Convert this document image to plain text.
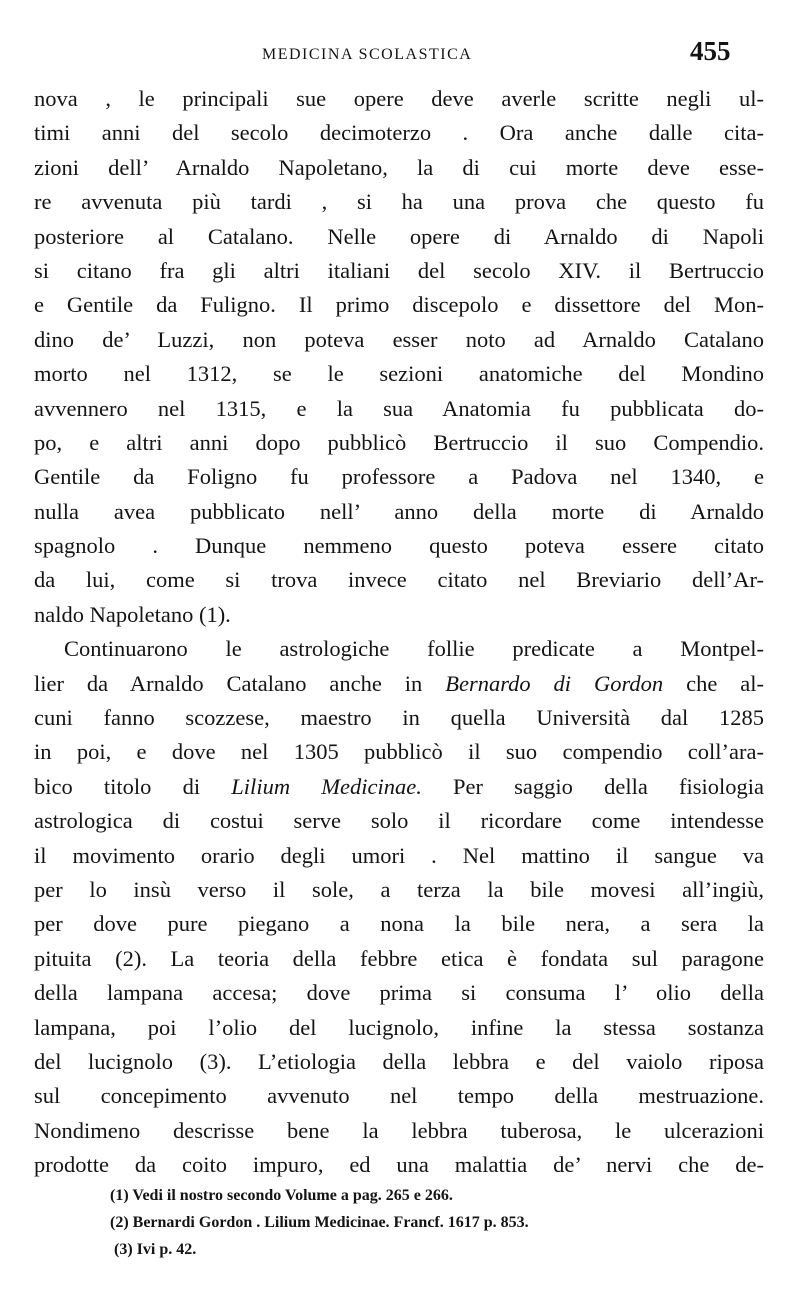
MEDICINA SCOLASTICA	455
nova , le principali sue opere deve averle scritte negli ul-
timi anni del secolo decimoterzo . Ora anche dalle cita-
zioni dell’ Arnaldo Napoletano, la di cui morte deve esse-
re avvenuta più tardi , si ha una prova che questo fu
posteriore al Catalano. Nelle opere di Arnaldo di Napoli
si citano fra gli altri italiani del secolo XIV. il Bertruccio
e Gentile da Fuligno. Il primo discepolo e dissettore del Mon-
dino de’ Luzzi, non poteva esser noto ad Arnaldo Catalano
morto nel 1312, se le sezioni anatomiche del Mondino
avvennero nel 1315, e la sua Anatomia fu pubblicata do-
po, e altri anni dopo pubblicò Bertruccio il suo Compendio.
Gentile da Foligno fu professore a Padova nel 1340, e
nulla avea pubblicato nell’ anno della morte di Arnaldo
spagnolo . Dunque nemmeno questo poteva essere citato
da lui, come si trova invece citato nel Breviario dell’Ar-
naldo Napoletano (1).
Continuarono le astrologiche follie predicate a Montpel-
lier da Arnaldo Catalano anche in Bernardo di Gordon che al-
cuni fanno scozzese, maestro in quella Università dal 1285
in poi, e dove nel 1305 pubblicò il suo compendio coll’ara-
bico titolo di Lilium Medicinae. Per saggio della fisiologia
astrologica di costui serve solo il ricordare come intendesse
il movimento orario degli umori . Nel mattino il sangue va
per lo insù verso il sole, a terza la bile movesi all’ingiù,
per dove pure piegano a nona la bile nera, a sera la
pituita (2). La teoria della febbre etica è fondata sul paragone
della lampana accesa; dove prima si consuma l’ olio della
lampana, poi l’olio del lucignolo, infine la stessa sostanza
del lucignolo (3). L’etiologia della lebbra e del vaiolo riposa
sul concepimento avvenuto nel tempo della mestruazione.
Nondimeno descrisse bene la lebbra tuberosa, le ulcerazioni
prodotte da coito impuro, ed una malattia de’ nervi che de-
(1) Vedi il nostro secondo Volume a pag. 265 e 266.
(2) Bernardi Gordon . Lilium Medicinae. Francf. 1617 p. 853.
(3) Ivi p. 42.
